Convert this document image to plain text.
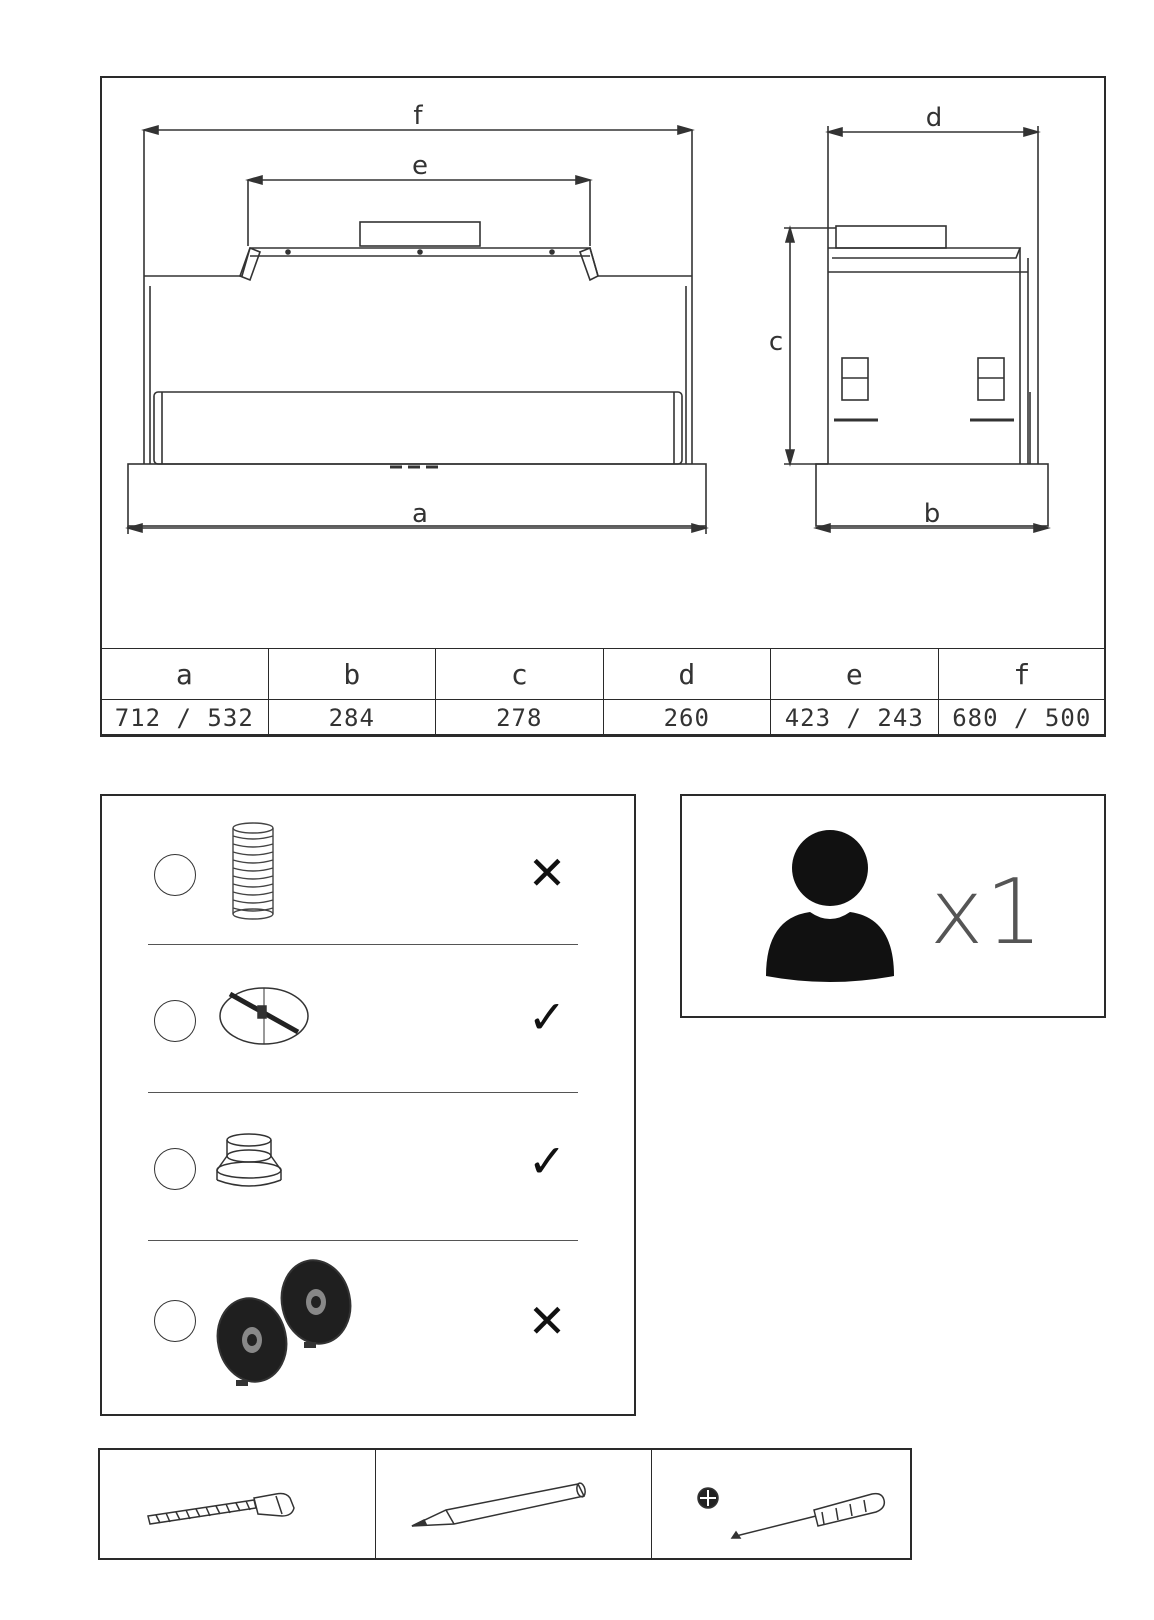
f
e
a
d
c
b
a	b	c	d	e	f
712 / 532	284	278	260	423 / 243	680 / 500
✕
✓
✓
✕
x1
